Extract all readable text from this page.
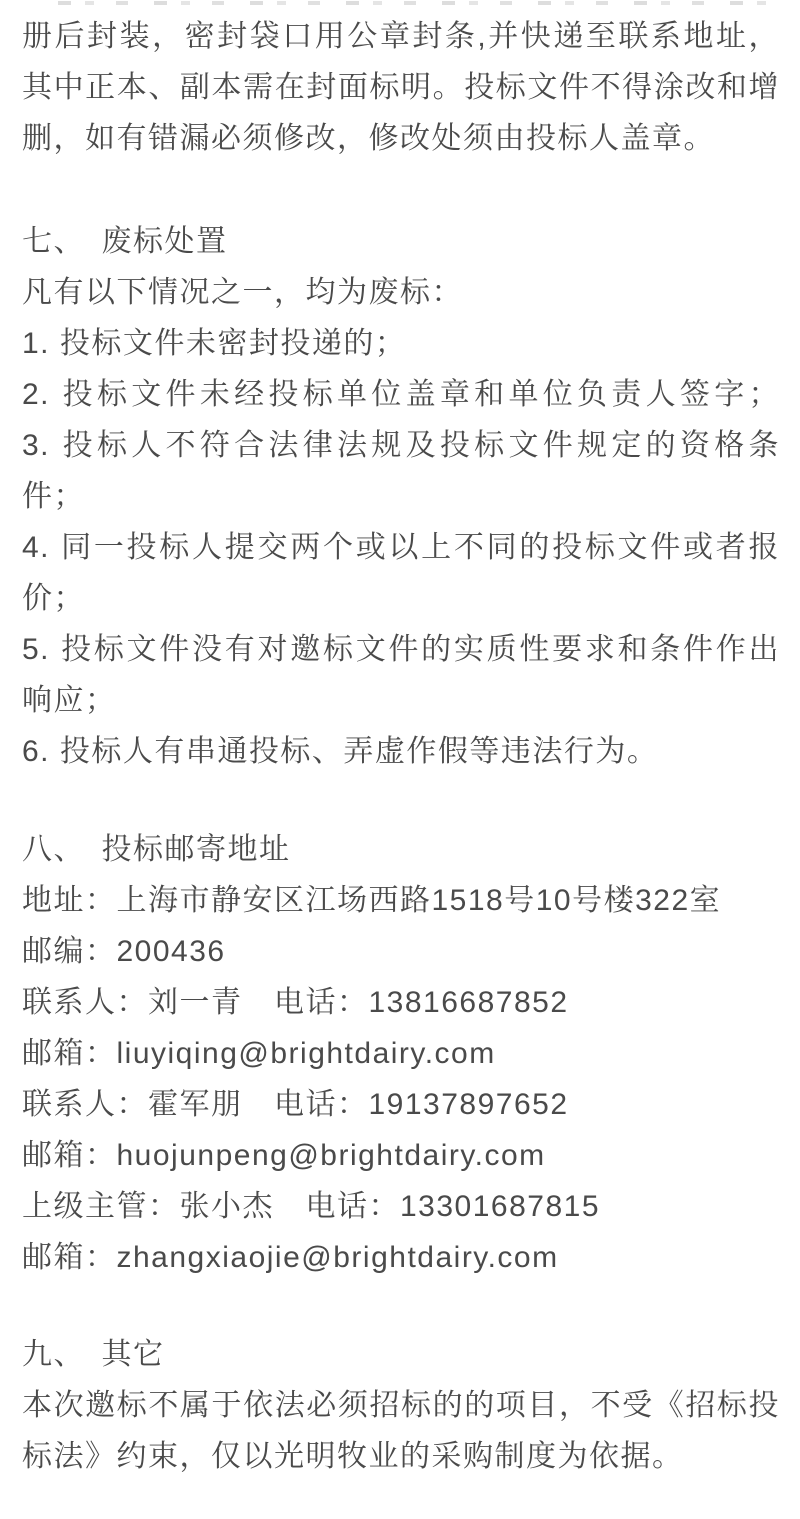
册后封装，密封袋口用公章封条,并快递至联系地址，
其中正本、副本需在封面标明。投标文件不得涂改和增
删，如有错漏必须修改，修改处须由投标人盖章。
七、　废标处置
凡有以下情况之一，均为废标：
1. 投标文件未密封投递的；
2. 投标文件未经投标单位盖章和单位负责人签字；
3. 投标人不符合法律法规及投标文件规定的资格条
件；
4. 同一投标人提交两个或以上不同的投标文件或者报
价；
5. 投标文件没有对邀标文件的实质性要求和条件作出
响应；
6. 投标人有串通投标、弄虚作假等违法行为。
八、　投标邮寄地址
地址：上海市静安区江场西路1518号10号楼322室
邮编：200436
联系人：刘一青　电话：13816687852
邮箱：liuyiqing@brightdairy.com
联系人：霍军朋　电话：19137897652
邮箱：huojunpeng@brightdairy.com
上级主管：张小杰　电话：13301687815
邮箱：zhangxiaojie@brightdairy.com
九、　其它
本次邀标不属于依法必须招标的的项目，不受《招标投
标法》约束，仅以光明牧业的采购制度为依据。
